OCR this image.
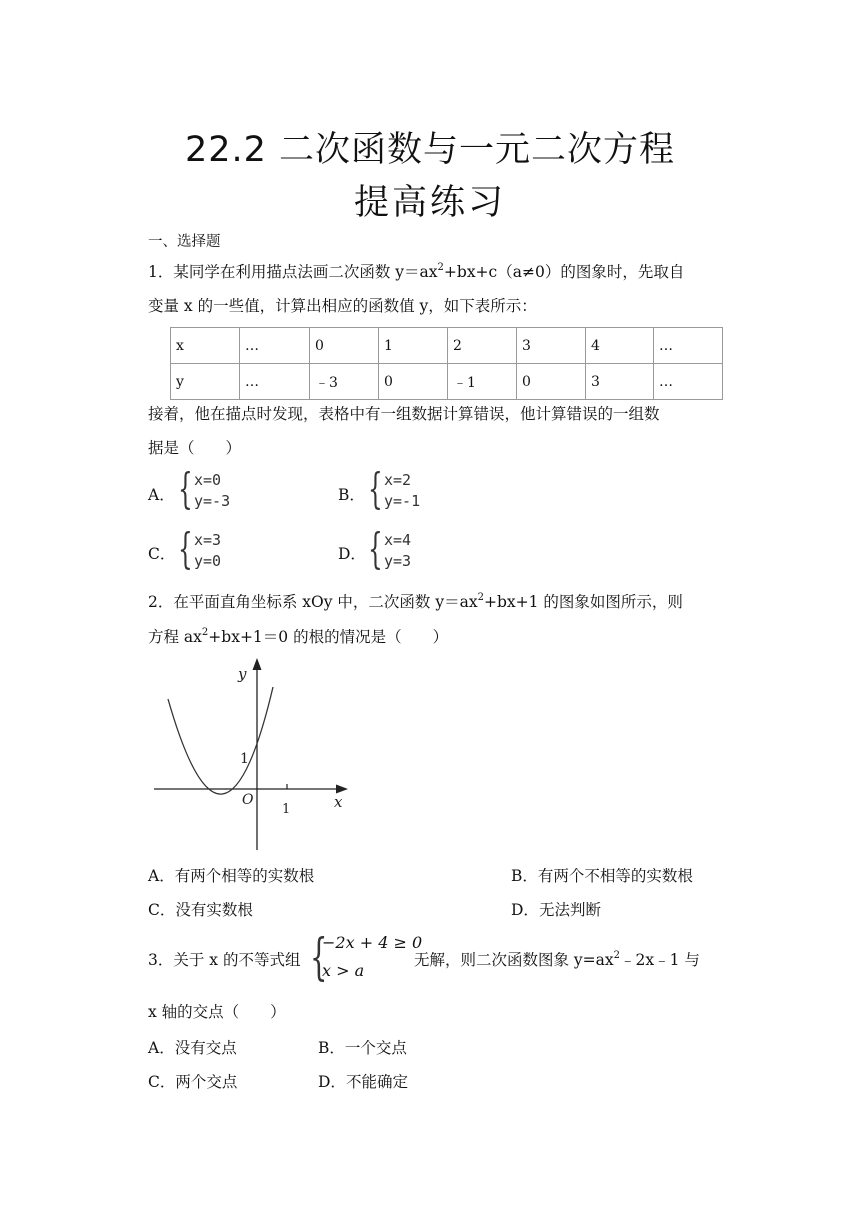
22.2 二次函数与一元二次方程
提高练习
一、选择题
1．某同学在利用描点法画二次函数 $y=ax^2+bx+c(a\ne 0)$的图象时，先取自
变量 x 的一些值，计算出相应的函数值 y，如下表所示：
x	…	0	1	2	3	4	…
y	…	﹣3	0	﹣1	0	3	…
接着，他在描点时发现，表格中有一组数据计算错误，他计算错误的一组数
据是（　　）
A． { x=0
y=-3	B． { x=2
y=-1
C． { x=3
y=0	D． { x=4
y=3
2．在平面直角坐标系 xOy 中，二次函数 $y=ax^2+bx+1$ 的图象如图所示，则
方程 $ax^2+bx+1=0$ 的根的情况是（　　）
y
x
O
1
1
A．有两个相等的实数根	B．有两个不相等的实数根
C．没有实数根	D．无法判断
3．关于 x 的不等式组 {
−2x + 4 ≥ 0
x > a
无解，则二次函数图象 $y=ax^2﹣2x﹣1$ 与
x 轴的交点（　　）
A．没有交点	B．一个交点
C．两个交点	D．不能确定
